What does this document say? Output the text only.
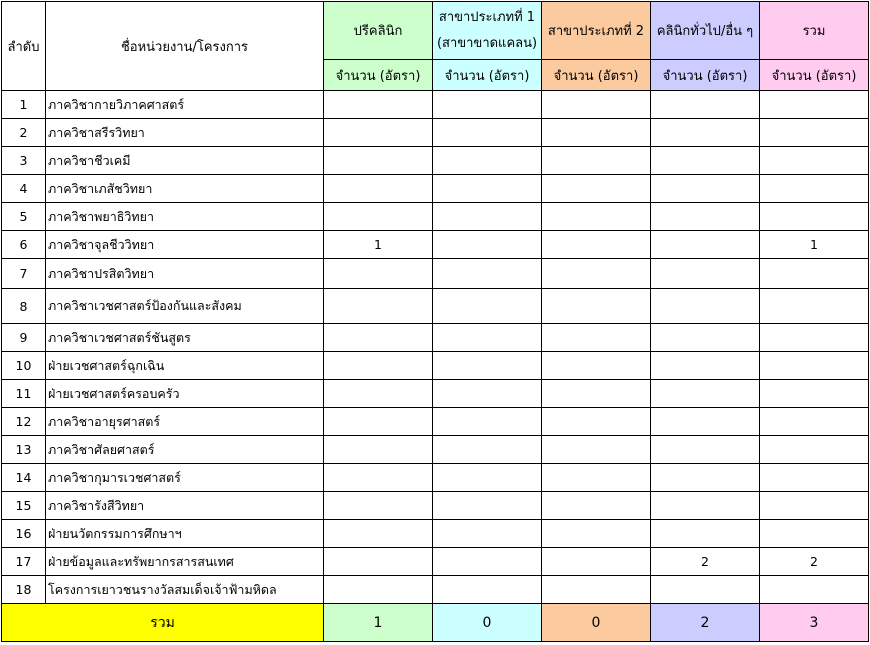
ลำดับ	ชื่อหน่วยงาน/โครงการ	ปรีคลินิก	สาขาประเภทที่ 1
(สาขาขาดแคลน)	สาขาประเภทที่ 2	คลินิกทั่วไป/อื่น ๆ	รวม
		จำนวน (อัตรา)	จำนวน (อัตรา)	จำนวน (อัตรา)	จำนวน (อัตรา)	จำนวน (อัตรา)
1	ภาควิชากายวิภาคศาสตร์					
2	ภาควิชาสรีรวิทยา					
3	ภาควิชาชีวเคมี					
4	ภาควิชาเภสัชวิทยา					
5	ภาควิชาพยาธิวิทยา					
6	ภาควิชาจุลชีววิทยา	1				1
7	ภาควิชาปรสิตวิทยา					
8	ภาควิชาเวชศาสตร์ป้องกันและสังคม					
9	ภาควิชาเวชศาสตร์ชันสูตร					
10	ฝ่ายเวชศาสตร์ฉุกเฉิน					
11	ฝ่ายเวชศาสตร์ครอบครัว					
12	ภาควิชาอายุรศาสตร์					
13	ภาควิชาศัลยศาสตร์					
14	ภาควิชากุมารเวชศาสตร์					
15	ภาควิชารังสีวิทยา					
16	ฝ่ายนวัตกรรมการศึกษาฯ					
17	ฝ่ายข้อมูลและทรัพยากรสารสนเทศ				2	2
18	โครงการเยาวชนรางวัลสมเด็จเจ้าฟ้ามหิดล					
รวม		1	0	0	2	3
